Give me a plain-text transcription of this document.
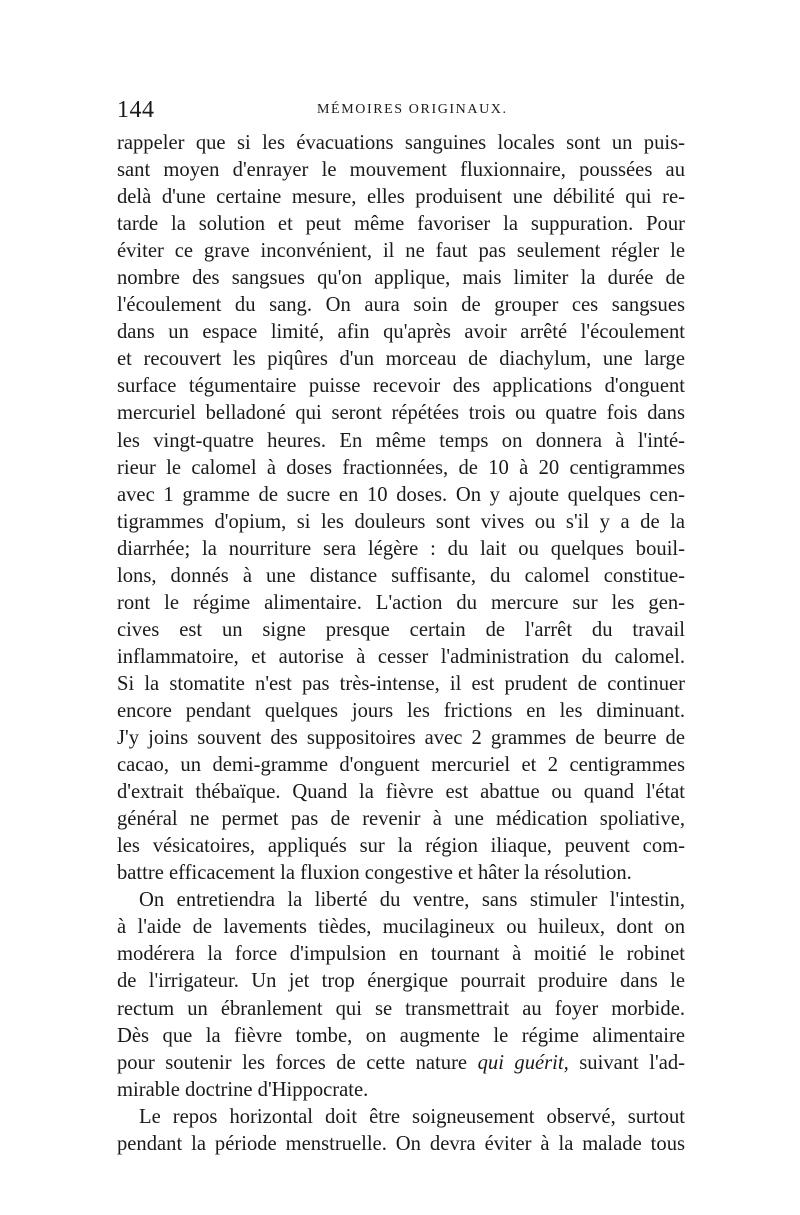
144	MÉMOIRES ORIGINAUX.
rappeler que si les évacuations sanguines locales sont un puis-
sant moyen d'enrayer le mouvement fluxionnaire, poussées au
delà d'une certaine mesure, elles produisent une débilité qui re-
tarde la solution et peut même favoriser la suppuration. Pour
éviter ce grave inconvénient, il ne faut pas seulement régler le
nombre des sangsues qu'on applique, mais limiter la durée de
l'écoulement du sang. On aura soin de grouper ces sangsues
dans un espace limité, afin qu'après avoir arrêté l'écoulement
et recouvert les piqûres d'un morceau de diachylum, une large
surface tégumentaire puisse recevoir des applications d'onguent
mercuriel belladoné qui seront répétées trois ou quatre fois dans
les vingt-quatre heures. En même temps on donnera à l'inté-
rieur le calomel à doses fractionnées, de 10 à 20 centigrammes
avec 1 gramme de sucre en 10 doses. On y ajoute quelques cen-
tigrammes d'opium, si les douleurs sont vives ou s'il y a de la
diarrhée; la nourriture sera légère : du lait ou quelques bouil-
lons, donnés à une distance suffisante, du calomel constitue-
ront le régime alimentaire. L'action du mercure sur les gen-
cives est un signe presque certain de l'arrêt du travail
inflammatoire, et autorise à cesser l'administration du calomel.
Si la stomatite n'est pas très-intense, il est prudent de continuer
encore pendant quelques jours les frictions en les diminuant.
J'y joins souvent des suppositoires avec 2 grammes de beurre de
cacao, un demi-gramme d'onguent mercuriel et 2 centigrammes
d'extrait thébaïque. Quand la fièvre est abattue ou quand l'état
général ne permet pas de revenir à une médication spoliative,
les vésicatoires, appliqués sur la région iliaque, peuvent com-
battre efficacement la fluxion congestive et hâter la résolution.
On entretiendra la liberté du ventre, sans stimuler l'intestin,
à l'aide de lavements tièdes, mucilagineux ou huileux, dont on
modérera la force d'impulsion en tournant à moitié le robinet
de l'irrigateur. Un jet trop énergique pourrait produire dans le
rectum un ébranlement qui se transmettrait au foyer morbide.
Dès que la fièvre tombe, on augmente le régime alimentaire
pour soutenir les forces de cette nature qui guérit, suivant l'ad-
mirable doctrine d'Hippocrate.
Le repos horizontal doit être soigneusement observé, surtout
pendant la période menstruelle. On devra éviter à la malade tous
